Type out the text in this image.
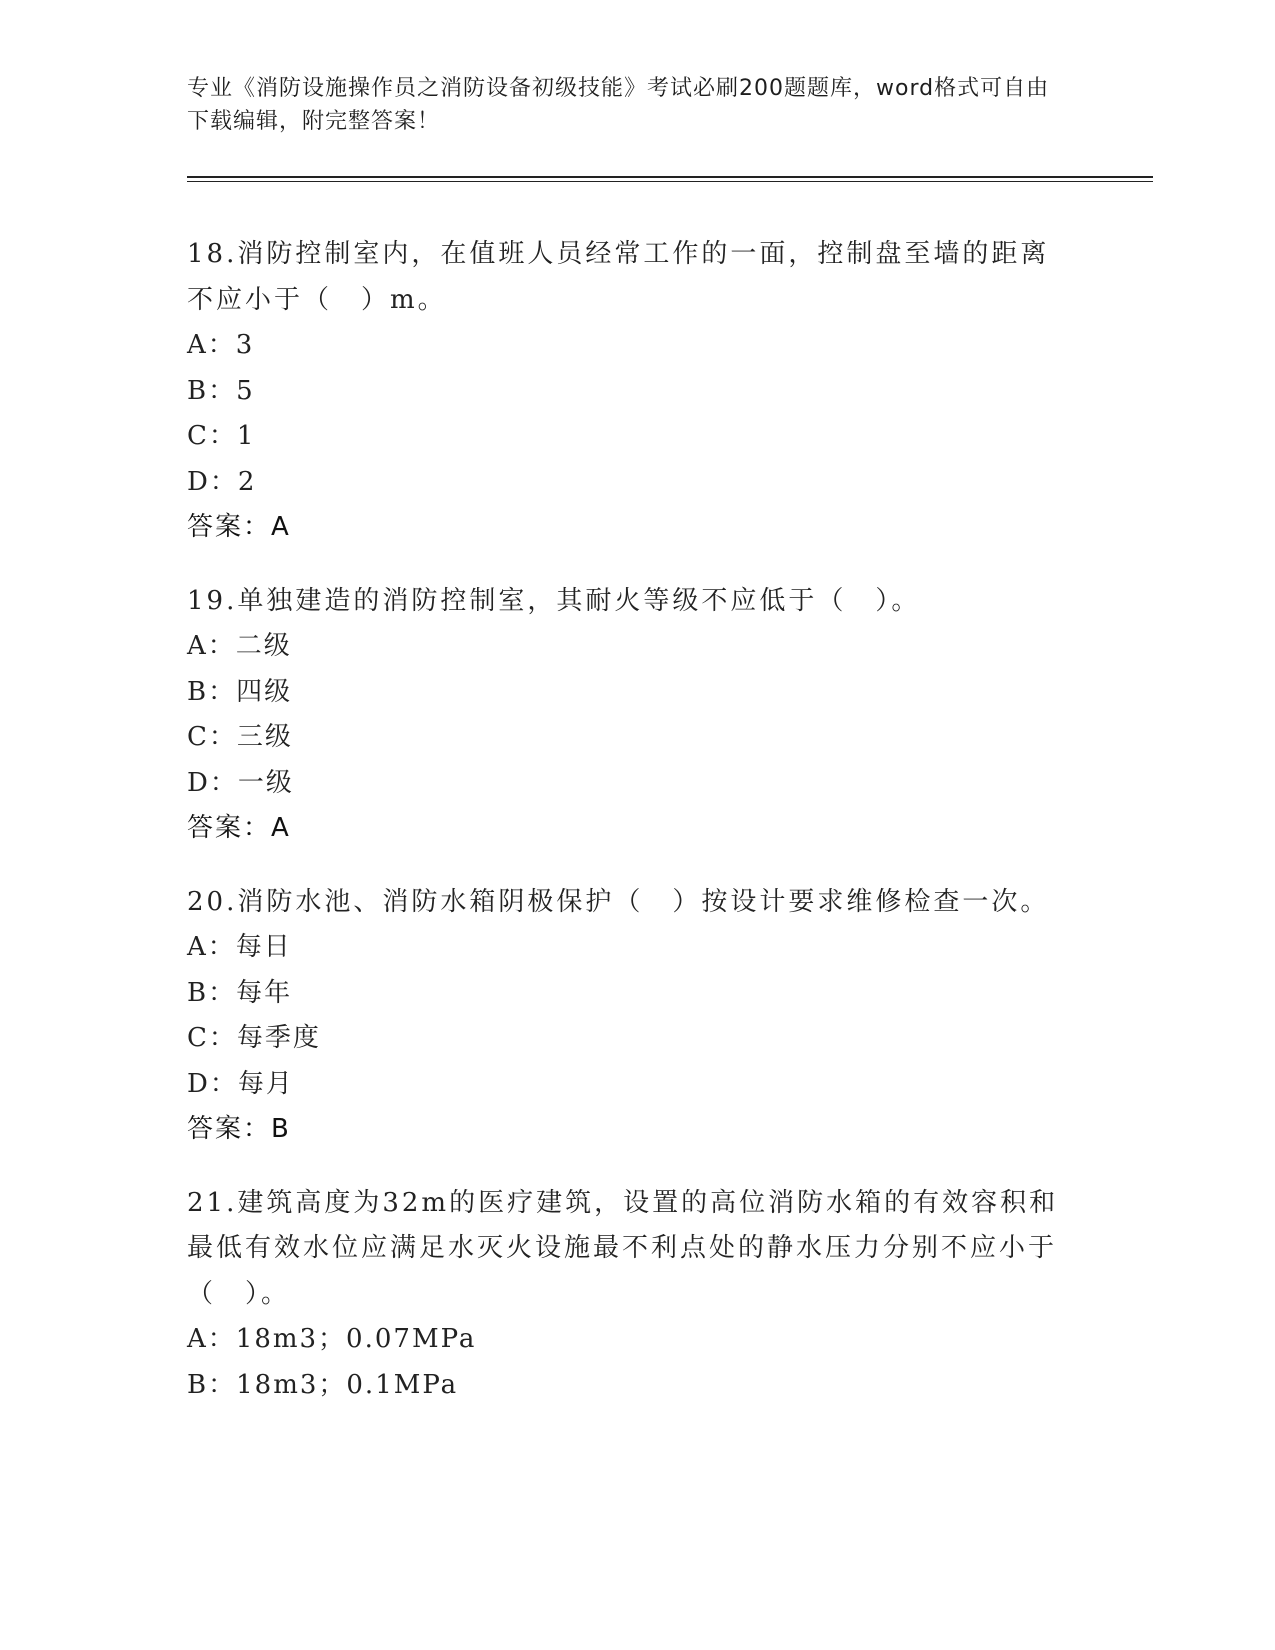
专业《消防设施操作员之消防设备初级技能》考试必刷200题题库，word格式可自由下载编辑，附完整答案！
18.消防控制室内，在值班人员经常工作的一面，控制盘至墙的距离不应小于（　）m。
A：3
B：5
C：1
D：2
答案：A
19.单独建造的消防控制室，其耐火等级不应低于（　）。
A：二级
B：四级
C：三级
D：一级
答案：A
20.消防水池、消防水箱阴极保护（　）按设计要求维修检查一次。
A：每日
B：每年
C：每季度
D：每月
答案：B
21.建筑高度为32m的医疗建筑，设置的高位消防水箱的有效容积和最低有效水位应满足水灭火设施最不利点处的静水压力分别不应小于（　）。
A：18m3；0.07MPa
B：18m3；0.1MPa
